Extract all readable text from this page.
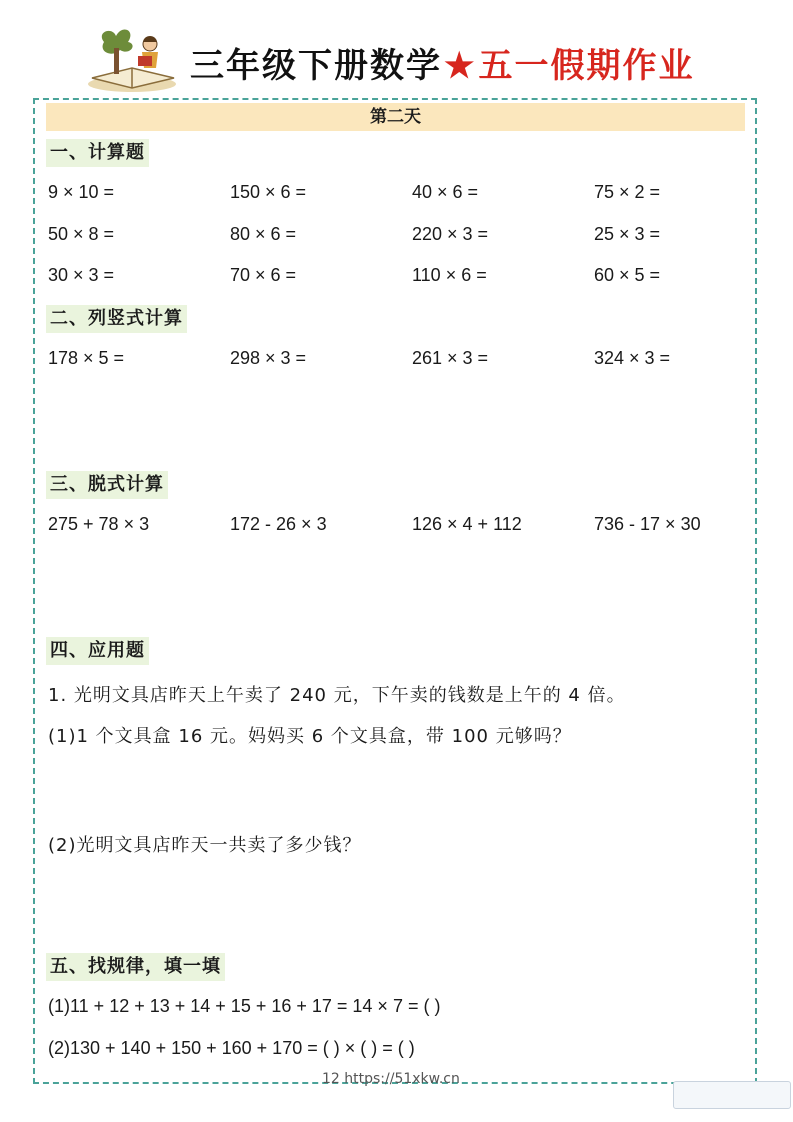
三年级下册数学★五一假期作业
第二天
一、计算题
9 × 10 =	150 × 6 =	40 × 6 =	75 × 2 =
50 × 8 =	80 × 6 =	220 × 3 =	25 × 3 =
30 × 3 =	70 × 6 =	110 × 6 =	60 × 5 =
二、列竖式计算
178 × 5 =	298 × 3 =	261 × 3 =	324 × 3 =
三、脱式计算
275 + 78 × 3	172 - 26 × 3	126 × 4 + 112	736 - 17 × 30
四、应用题
1. 光明文具店昨天上午卖了 240 元，下午卖的钱数是上午的 4 倍。
(1)1 个文具盒 16 元。妈妈买 6 个文具盒，带 100 元够吗？
(2)光明文具店昨天一共卖了多少钱？
五、找规律，填一填
(1)11 + 12 + 13 + 14 + 15 + 16 + 17 = 14 × 7 = ( )
(2)130 + 140 + 150 + 160 + 170 = ( ) × ( ) = ( )
12 https://51xkw.cn
